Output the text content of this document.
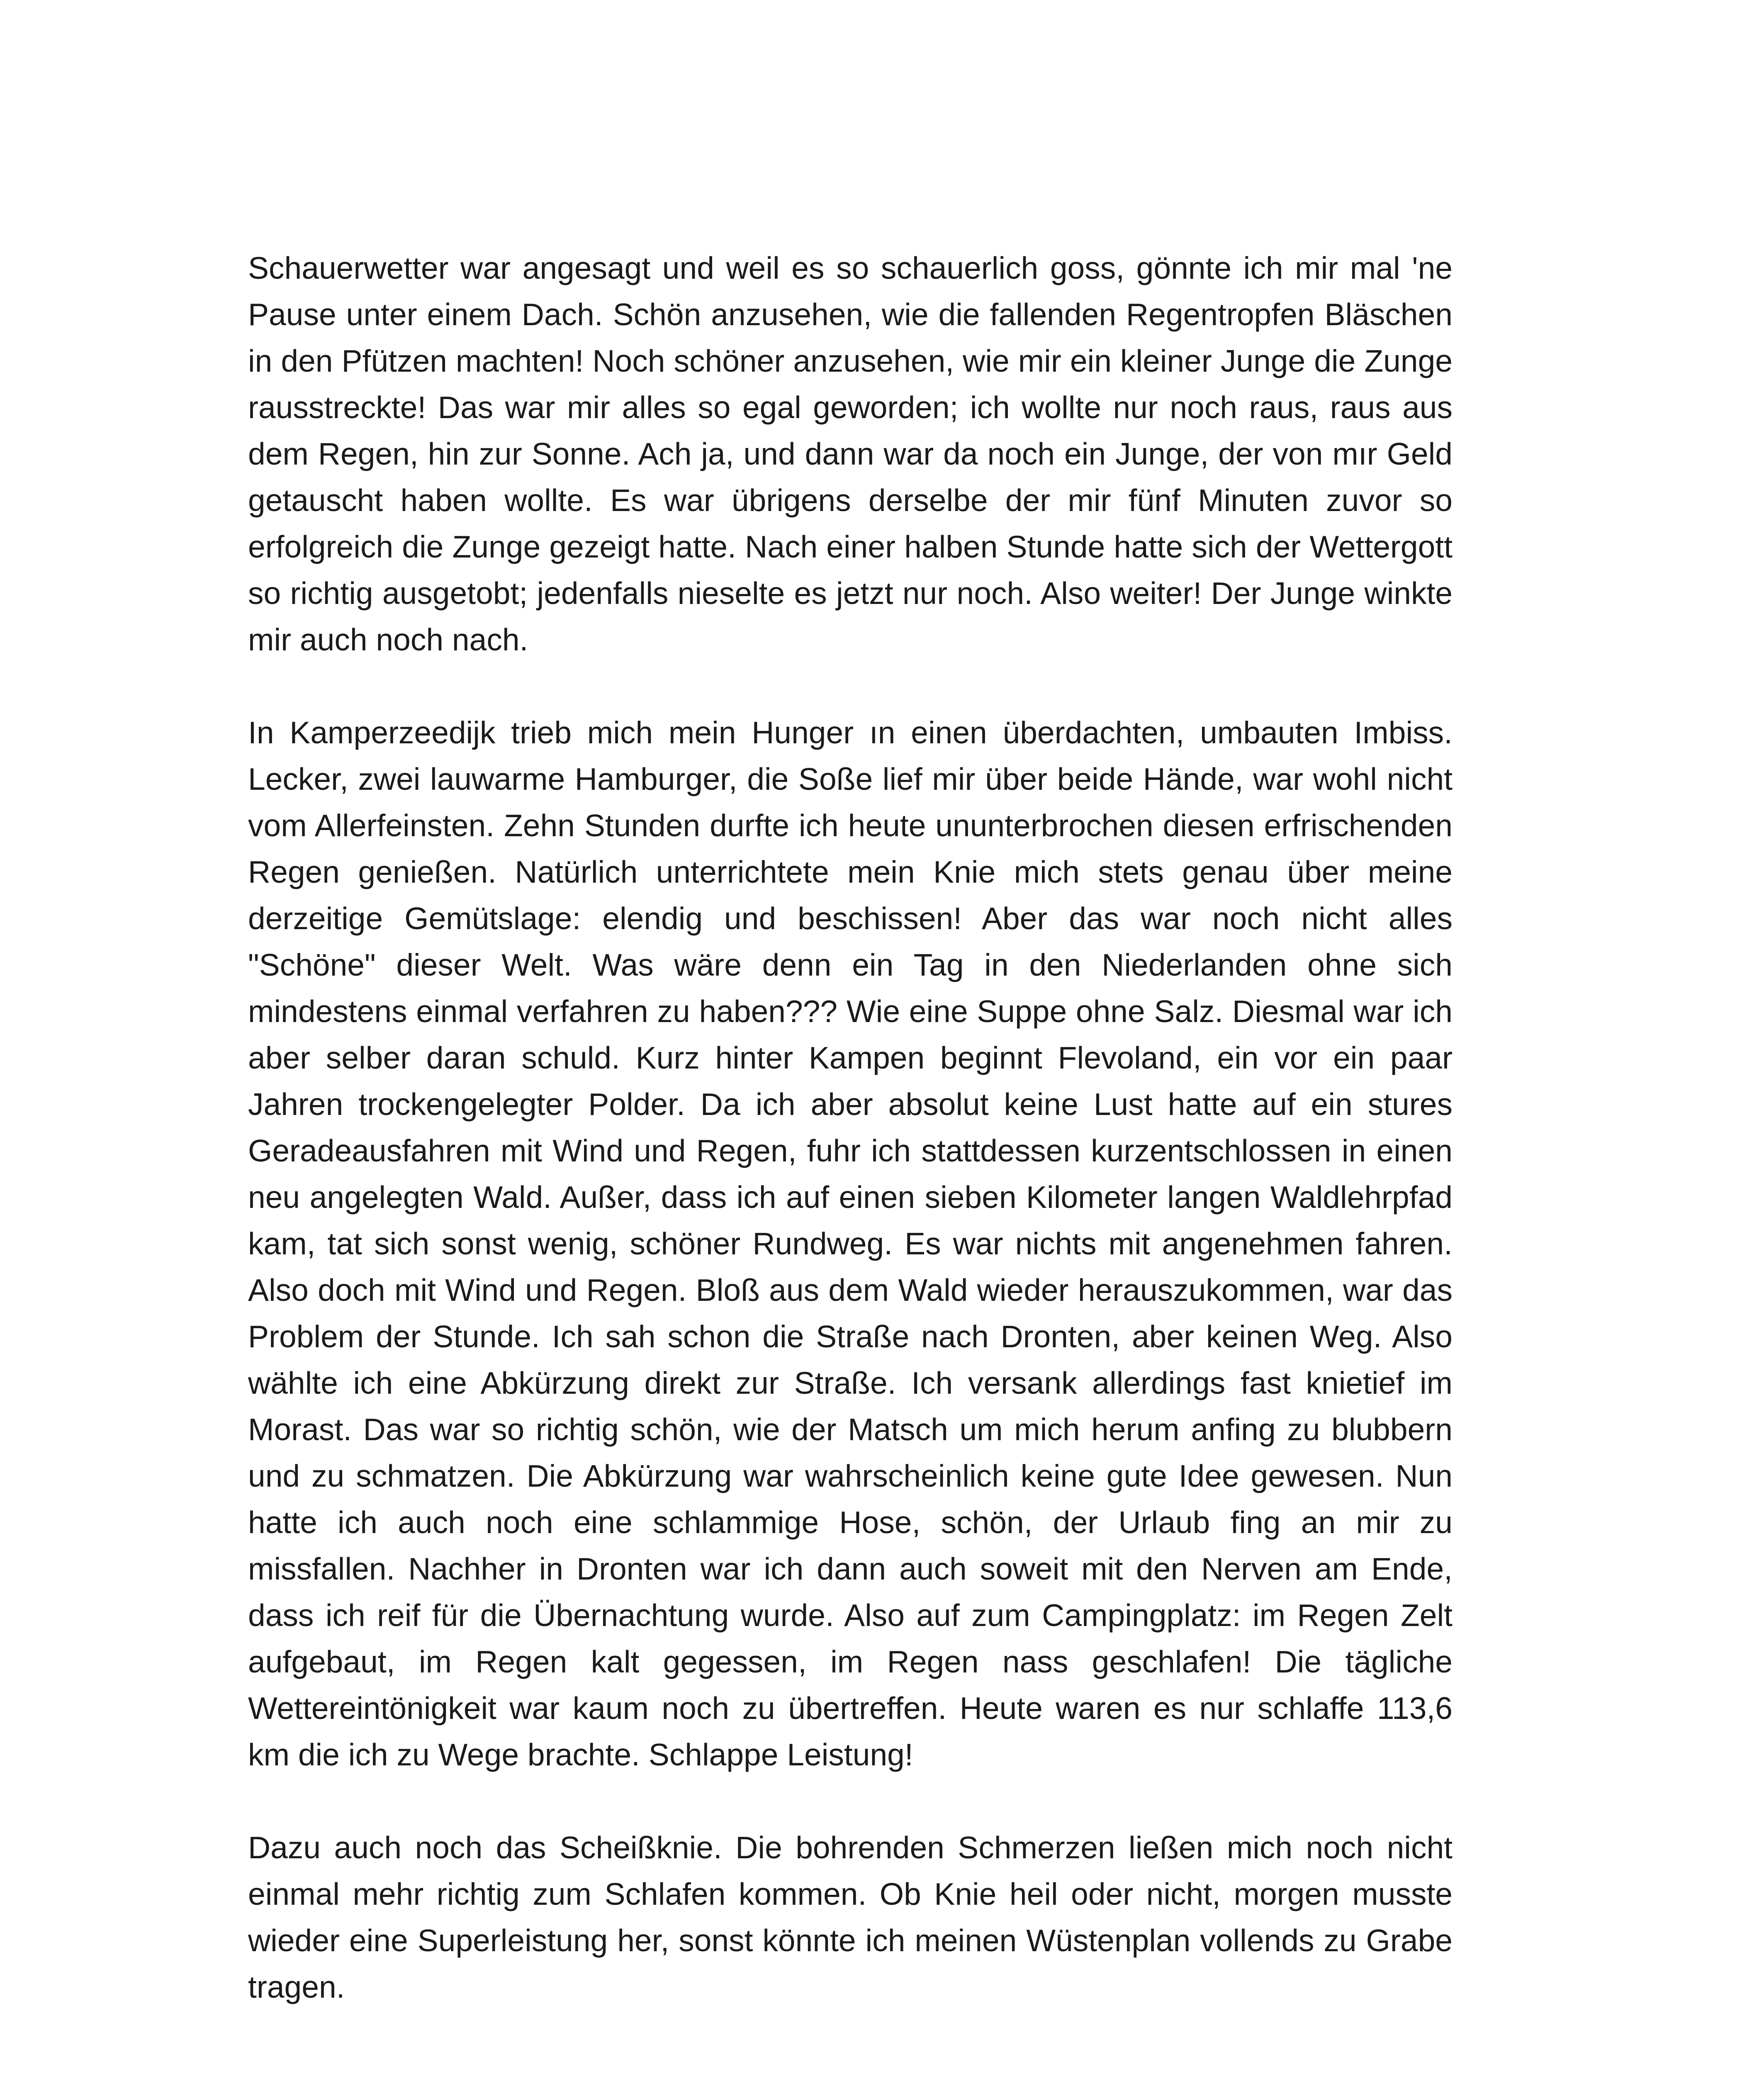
Schauerwetter war angesagt und weil es so schauerlich goss, gönnte ich mir mal 'ne Pause unter einem Dach. Schön anzusehen, wie die fallenden Regentropfen Bläschen in den Pfützen machten! Noch schöner anzusehen, wie mir ein kleiner Junge die Zunge rausstreckte! Das war mir alles so egal geworden; ich wollte nur noch raus, raus aus dem Regen, hin zur Sonne. Ach ja, und dann war da noch ein Junge, der von mır Geld getauscht haben wollte. Es war übrigens derselbe der mir fünf Minuten zuvor so erfolgreich die Zunge gezeigt hatte. Nach einer halben Stunde hatte sich der Wettergott so richtig ausgetobt; jedenfalls nieselte es jetzt nur noch. Also weiter! Der Junge winkte mir auch noch nach.

In Kamperzeedijk trieb mich mein Hunger ın einen überdachten, umbauten Imbiss. Lecker, zwei lauwarme Hamburger, die Soße lief mir über beide Hände, war wohl nicht vom Allerfeinsten. Zehn Stunden durfte ich heute ununterbrochen diesen erfrischenden Regen genießen. Natürlich unterrichtete mein Knie mich stets genau über meine derzeitige Gemütslage: elendig und beschissen! Aber das war noch nicht alles "Schöne" dieser Welt. Was wäre denn ein Tag in den Niederlanden ohne sich mindestens einmal verfahren zu haben??? Wie eine Suppe ohne Salz. Diesmal war ich aber selber daran schuld. Kurz hinter Kampen beginnt Flevoland, ein vor ein paar Jahren trockengelegter Polder. Da ich aber absolut keine Lust hatte auf ein stures Geradeausfahren mit Wind und Regen, fuhr ich stattdessen kurzentschlossen in einen neu angelegten Wald. Außer, dass ich auf einen sieben Kilometer langen Waldlehrpfad kam, tat sich sonst wenig, schöner Rundweg. Es war nichts mit angenehmen fahren. Also doch mit Wind und Regen. Bloß aus dem Wald wieder herauszukommen, war das Problem der Stunde. Ich sah schon die Straße nach Dronten, aber keinen Weg. Also wählte ich eine Abkürzung direkt zur Straße. Ich versank allerdings fast knietief im Morast. Das war so richtig schön, wie der Matsch um mich herum anfing zu blubbern und zu schmatzen. Die Abkürzung war wahrscheinlich keine gute Idee gewesen. Nun hatte ich auch noch eine schlammige Hose, schön, der Urlaub fing an mir zu missfallen. Nachher in Dronten war ich dann auch soweit mit den Nerven am Ende, dass ich reif für die Übernachtung wurde. Also auf zum Campingplatz: im Regen Zelt aufgebaut, im Regen kalt gegessen, im Regen nass geschlafen! Die tägliche Wettereintönigkeit war kaum noch zu übertreffen. Heute waren es nur schlaffe 113,6 km die ich zu Wege brachte. Schlappe Leistung!

Dazu auch noch das Scheißknie. Die bohrenden Schmerzen ließen mich noch nicht einmal mehr richtig zum Schlafen kommen. Ob Knie heil oder nicht, morgen musste wieder eine Superleistung her, sonst könnte ich meinen Wüstenplan vollends zu Grabe tragen.
